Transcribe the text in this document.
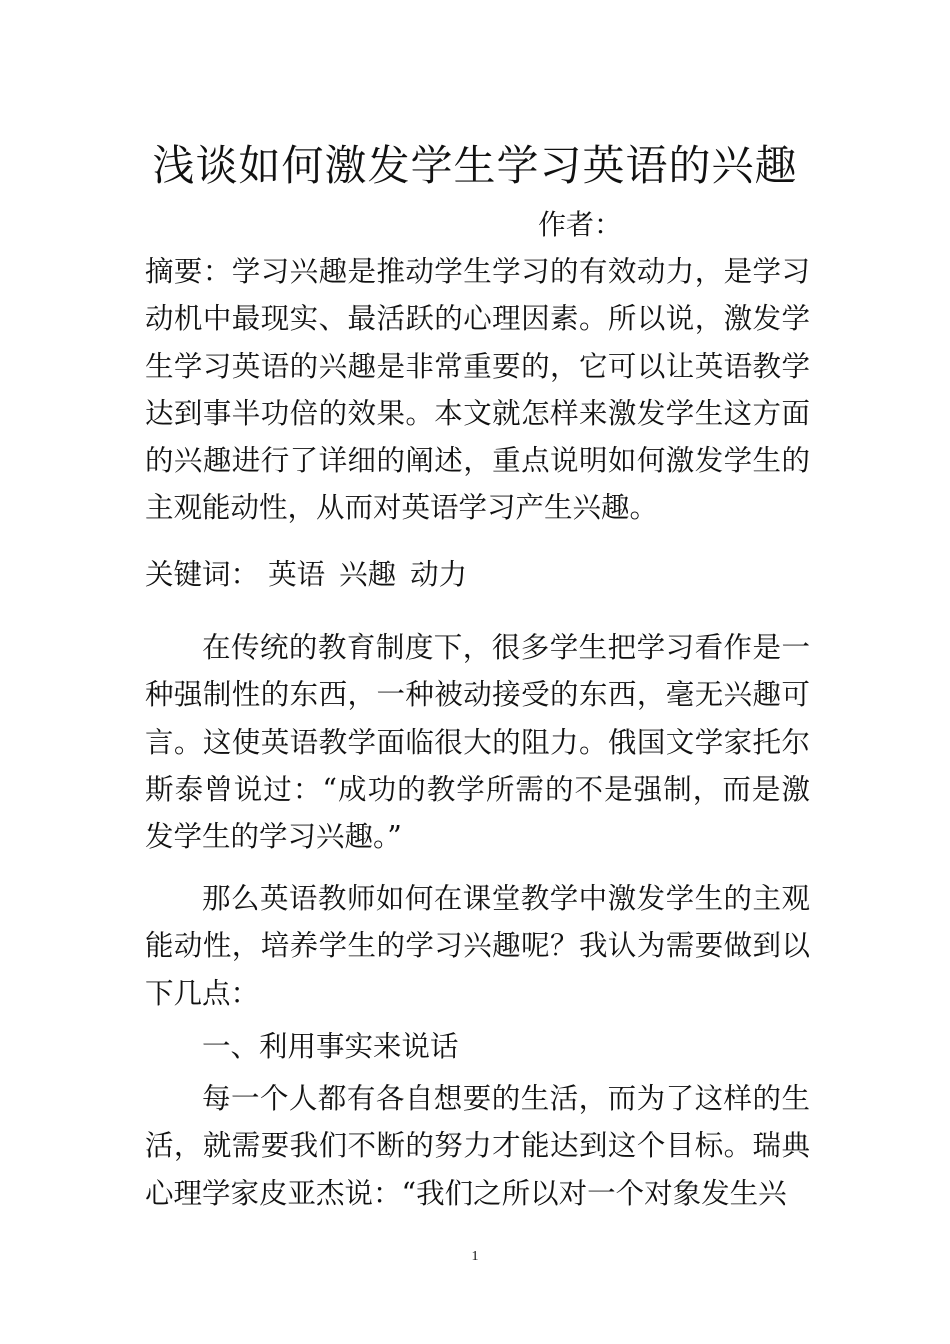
浅谈如何激发学生学习英语的兴趣

作者：

摘要：学习兴趣是推动学生学习的有效动力，是学习动机中最现实、最活跃的心理因素。所以说，激发学生学习英语的兴趣是非常重要的，它可以让英语教学达到事半功倍的效果。本文就怎样来激发学生这方面的兴趣进行了详细的阐述，重点说明如何激发学生的主观能动性，从而对英语学习产生兴趣。

关键词： 英语 兴趣 动力

在传统的教育制度下，很多学生把学习看作是一种强制性的东西，一种被动接受的东西，毫无兴趣可言。这使英语教学面临很大的阻力。俄国文学家托尔斯泰曾说过：“成功的教学所需的不是强制，而是激发学生的学习兴趣。”

那么英语教师如何在课堂教学中激发学生的主观能动性，培养学生的学习兴趣呢？我认为需要做到以下几点：

一、利用事实来说话

每一个人都有各自想要的生活，而为了这样的生活，就需要我们不断的努力才能达到这个目标。瑞典心理学家皮亚杰说：“我们之所以对一个对象发生兴

1
